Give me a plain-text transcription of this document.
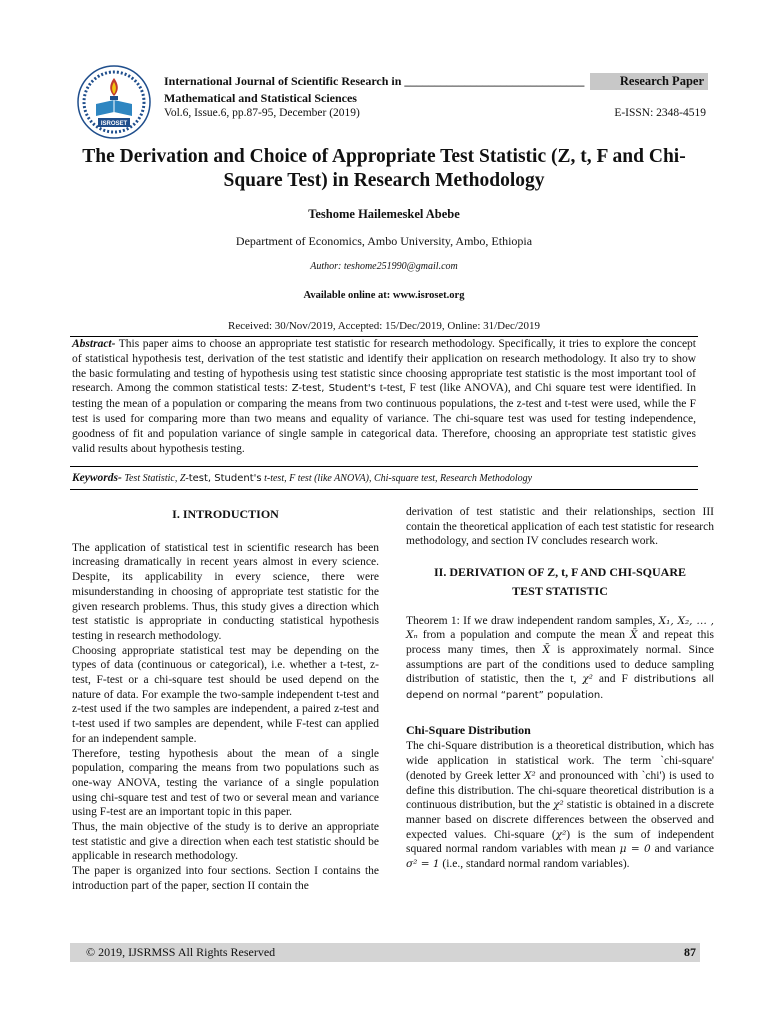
ISROSET
International Journal of Scientific Research in ______________________________
Mathematical and Statistical Sciences
Vol.6, Issue.6, pp.87-95, December (2019)
Research Paper
E-ISSN: 2348-4519
The Derivation and Choice of Appropriate Test Statistic (Z, t, F and Chi-Square Test) in Research Methodology
Teshome Hailemeskel Abebe
Department of Economics, Ambo University, Ambo, Ethiopia
Author: teshome251990@gmail.com
Available online at: www.isroset.org
Received: 30/Nov/2019, Accepted: 15/Dec/2019, Online: 31/Dec/2019
Abstract- This paper aims to choose an appropriate test statistic for research methodology. Specifically, it tries to explore the concept of statistical hypothesis test, derivation of the test statistic and identify their application on research methodology. It also try to show the basic formulating and testing of hypothesis using test statistic since choosing appropriate test statistic is the most important tool of research. Among the common statistical tests: Z-test, Student's t-test, F test (like ANOVA), and Chi square test were identified. In testing the mean of a population or comparing the means from two continuous populations, the z-test and t-test were used, while the F test is used for comparing more than two means and equality of variance. The chi-square test was used for testing independence, goodness of fit and population variance of single sample in categorical data. Therefore, choosing an appropriate test statistic gives valid results about hypothesis testing.
Keywords- Test Statistic, Z-test, Student's t-test, F test (like ANOVA), Chi-square test, Research Methodology
I. INTRODUCTION

The application of statistical test in scientific research has been increasing dramatically in recent years almost in every science. Despite, its applicability in every science, there were misunderstanding in choosing of appropriate test statistic for the given research problems. Thus, this study gives a direction which test statistic is appropriate in conducting statistical hypothesis testing in research methodology.

Choosing appropriate statistical test may be depending on the types of data (continuous or categorical), i.e. whether a t-test, z-test, F-test or a chi-square test should be used depend on the nature of data. For example the two-sample independent t-test and z-test used if the two samples are independent, a paired z-test and t-test used if two samples are dependent, while F-test can applied for an independent sample.

Therefore, testing hypothesis about the mean of a single population, comparing the means from two populations such as one-way ANOVA, testing the variance of a single population using chi-square test and test of two or several mean and variance using F-test are an important topic in this paper.

Thus, the main objective of the study is to derive an appropriate test statistic and give a direction when each test statistic should be applicable in research methodology.

The paper is organized into four sections. Section I contains the introduction part of the paper, section II contain the

derivation of test statistic and their relationships, section III contain the theoretical application of each test statistic for research methodology, and section IV concludes research work.

II. DERIVATION OF Z, t, F AND CHI-SQUARE
TEST STATISTIC

Theorem 1: If we draw independent random samples, X₁, X₂, … , Xₙ from a population and compute the mean X̄ and repeat this process many times, then X̄ is approximately normal. Since assumptions are part of the conditions used to deduce sampling distribution of statistic, then the t, χ² and F distributions all depend on normal “parent” population.

Chi-Square Distribution

The chi-Square distribution is a theoretical distribution, which has wide application in statistical work. The term `chi-square' (denoted by Greek letter X² and pronounced with `chi') is used to define this distribution. The chi-square theoretical distribution is a continuous distribution, but the χ² statistic is obtained in a discrete manner based on discrete differences between the observed and expected values. Chi-square (χ²) is the sum of independent squared normal random variables with mean μ = 0 and variance σ² = 1 (i.e., standard normal random variables).

© 2019, IJSRMSS All Rights Reserved	87
